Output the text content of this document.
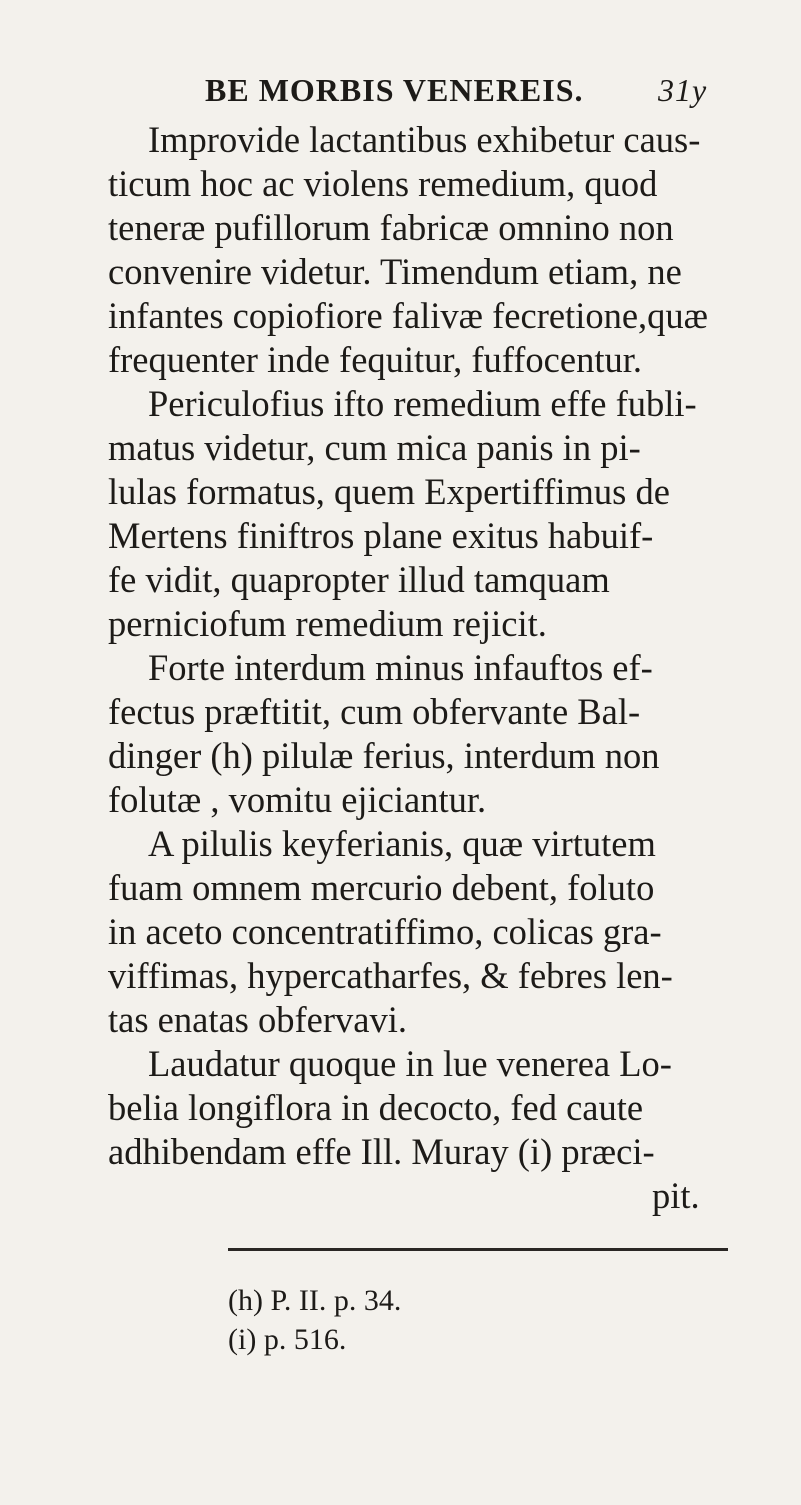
BE MORBIS VENEREIS. 31y
Improvide lactantibus exhibetur caus-
ticum hoc ac violens remedium, quod
teneræ pufillorum fabricæ omnino non
convenire videtur. Timendum etiam, ne
infantes copiofiore falivæ fecretione,quæ
frequenter inde fequitur, fuffocentur.
Periculofius ifto remedium effe fubli-
matus videtur, cum mica panis in pi-
lulas formatus, quem Expertiffimus de
Mertens finiftros plane exitus habuif-
fe vidit, quapropter illud tamquam
perniciofum remedium rejicit.
Forte interdum minus infauftos ef-
fectus præftitit, cum obfervante Bal-
dinger (h) pilulæ ferius, interdum non
folutæ , vomitu ejiciantur.
A pilulis keyferianis, quæ virtutem
fuam omnem mercurio debent, foluto
in aceto concentratiffimo, colicas gra-
viffimas, hypercatharfes, & febres len-
tas enatas obfervavi.
Laudatur quoque in lue venerea Lo-
belia longiflora in decocto, fed caute
adhibendam effe Ill. Muray (i) præci-
pit.
(h) P. II. p. 34.
(i) p. 516.
